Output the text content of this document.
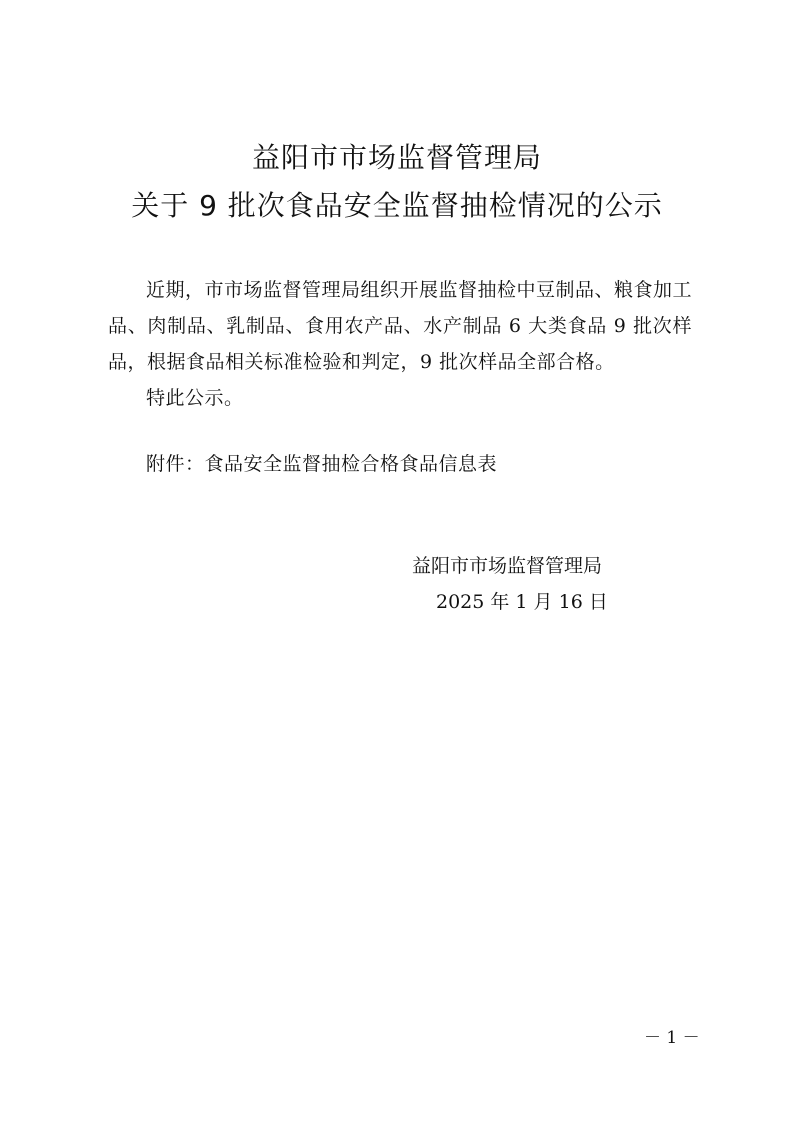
益阳市市场监督管理局
关于 9 批次食品安全监督抽检情况的公示

近期，市市场监督管理局组织开展监督抽检中豆制品、粮食加工品、肉制品、乳制品、食用农产品、水产制品 6 大类食品 9 批次样品，根据食品相关标准检验和判定，9 批次样品全部合格。

特此公示。

附件：食品安全监督抽检合格食品信息表

益阳市市场监督管理局
2025 年 1 月 16 日
－ 1 －
